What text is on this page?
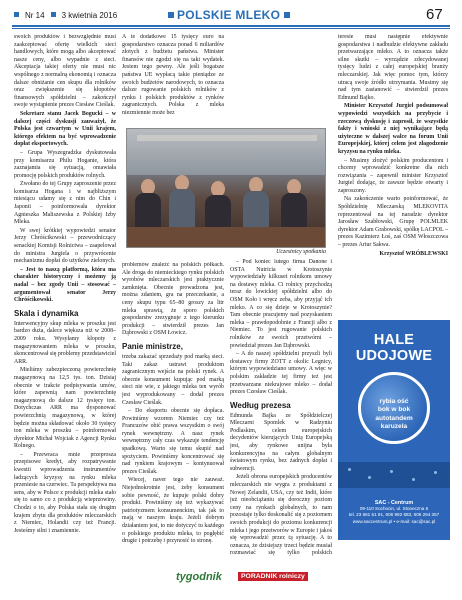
Nr 14 3 kwietnia 2016	POLSKIE MLEKO	67

swoich produktów i bezwzględnie musi zaakceptować ofertę wielkich sieci handlowych, które mogą albo akceptować nasze ceny, albo wypadnie z sieci. Akceptacja takiej oferty nie musi nic wspólnego z normalną ekonomią i oznacza dalsze obniżanie cen skupu dla rolników oraz zwiększenie się kłopotów finansowych spółdzielni – zakończył swoje wystąpienie prezes Ciesław Cieślak.

Sekretarz stanu Jacek Bogucki – w dalszej części dyskusji zauważył, że Polska jest czwartym w Unii krajem, którego efektem na być wprowadzenie dopłat eksportowych.

– Grupa Wyszegradzka dyskutowała przy komisarzu Philu Hoganie, która zaznajamia się sytuacją, omawiała promocję polskich produktów rolnych.

Zwołano do tej Grupy zaproszenie przez komisarza Hogana i w najbliższym miesiącu udamy się z nim do Chin i Japonii – poinformowała dyrektor Agnieszka Maliszewska z Polskiej Izby Mleka.

W swej krótkiej wypowiedzi senator Jerzy Chróścikowski – przewodniczący senackiej Komisji Rolnictwa – zaapelował do ministra Jurgiela o przywrócenie mechanizmu dopłat do użytków zielonych.

– Jest to naszą platformą, która ma charakter historyczny i możemy ją nadal – bez zgody Unii – stosować – argumentował senator Jerzy Chróścikowski.

Skala i dynamika

Interwencyjny skup mleka w proszku jest bardzo duża, dalece większa niż w 2008–2009 roku. Wysyłamy kłopoty z magazynowaniem mleka w proszku, skoncentrował się problemy przedstawiciel ARR.

Mieliśmy zabezpieczoną powierzchnię magazynową na 12,5 tys. ton. Dzisiaj obecnie w trakcie podpisywania umów, które zapewnią nam powierzchnię magazynową do dalsze 12 tysięcy ton. Dotychczas ARR ma dysponować powierzchnią magazynową, w której będzie można składować około 30 tysięcy ton mleka w proszku – poinformował dyrektor Michał Wojciak z Agencji Rynku Rolnego.

– Przewraca mnie przeprosza przepisowe kredyt, aby rozpatrywanie kwestii wprowadzenia instrumentów ładzących kryzysy na rynku mleka przeniesie na czerwiec. Ta perspektywa ma sens, aby w Polsce z produkcji mleka stało się to samo co z produkcją wieprzowiny. Chodzi o to, aby Polska stała się drugim krajem zbytu dla produktów mleczarskich z Niemiec, Holandii czy też Francji. Jesteśmy silni i znamiennie.

A te dodatkowe 15 tysięcy euro na gospodarstwo oznacza ponad 6 miliardów złotych z budżetu państwa. Minister finansów nie zgodzi się na taki wydatek. Jestem tego pewny. Ale jeśli bogatsze państwa UE wypłacą takie pieniądze ze swoich budżetów narodowych, to oznacza dalsze rugowanie polskich rolników z rynku i polskich produktów z rynków zagranicznych. Polska z mleka niezmiennie może bez

problemów znaleźć na polskich półkach. Ale droga do niemieckiego rynku polskich wyrobów mleczarskich jest praktycznie zamknięta. Obecnie prowadzona jest, można zdaniem, gra na przeczekanie, a ceny skupu typu 65–80 groszy za litr mleka sprawią, że sporo polskich gospodarstw zrezygnuje z tego kierunku produkcji – stwierdził prezes Jan Dąbrowski z OSM Łowicz.

Panie ministrze,

trzeba zakazać sprzedaży pod marką sieci. Taki zakaz ustrawi produktom zagranicznym wejście na polski rynek. A obecnie konsument kupując pod marką sieci nie wie, z jakiego mleka ten wyrób jest wyprodukowany – dodał prezes Czesław Cieślak.

– Do eksportu obecnie się dopłaca. Powiniśmy wzorem Niemiec czy też Francuzów obić prawa wszystkim o swój rynek wewnętrzny. A nasz rynek wewnętrzny cały czas wykazuje tendencję spadkową. Warto się temu skupić nad spożyciem. Powiniśmy koncentrować się nad rynkiem krajowym – kontynuował prezes Cieślak.

Wiecej, naver tego nie zauważ. Niejednokrotnie jest, żeby konsument sobie pewność, że kupuje polski dobry produkt. Powiniśmy się też wykazywać patriotyzmem konsumenckim, tak jak to mają w naszym kraju. Jeżeli dobrym działaniem jest, to nie dotyczyć tu każdego o polskiego produktu mleka, to pogłębić drugie i potrzebę i przynosić to stronę.

Uczestnicy spotkania

– Pod koniec lutego firma Danone i OSTA Nutricia w Krotoszynie wypowiedziały kilkuset rolnikom umowy na dostawy mleka. Ci rolnicy przychodzą teraz do lowickiej spółdzielni albo do OSM Koło i wręcz zeba, aby przyjąć ich mleko. A co się dzieje w Krotoszynie? Tam obecnie pracujemy nad pozyskaniem mleka – prawdopodobnie z Francji albo z Niemiec. To jest rugowanie polskich rolników ze swoich przetwórni – powiedział prezes Jan Dąbrowski.

– A do naszej spółdzielni przyszli byli dostawcy firmy ZOTT z okolic Legnicy, którym wypowiedziano umowy. A więc w polskim zakładzie tej firmy też jest przetwarzane niekrajowe mleko – dodał prezes Czesław Cieślak.

Według prezesa

Edmunda Bajka ze Spółdzielczej Mleczarni Spomlek w Radzyniu Podlaskim, celem europejskich decydentów kierujących Unią Europejską jest, aby rynkowe unijna była konkurencyjna na całym globalnym światowym rynku, bez żadnych dopłat i subwencji.

Jeżeli obrona europejskich producentów mleczarskich nie wygra z produktami z Nowej Zelandii, USA, czy też Indii, które już nieobciążaniu się doroczny poziom ceny na rynkach globalnych, to nam pozostaje tylko doskonalić się z poziomem swoich produkcji do poziomu konkurencji mleka i jego przetworów w Europie i jakoś się wprowadzić przez tą sytuację. A to oznacza, że dzisiejszy trzeci będzie musiał rozmawiać się tylko polskich

teresie musi następnie efektywnie gospodarstwa i nadbudzie efektywne zakładu przetwarzające mleko. A to oznacza także silne skutki – wyrządzie zdecydowanej tysięcy ludzi z całej europejskiej branży mleczarskiej. Jak więc pomoc tym, którzy utracą swoje źródło utrzymania. Musimy się nad tym zastanowić – stwierdził prezes Edmund Bajko.

Minister Krzysztof Jurgiel podsumował wypowiedzi wszystkich na przybycie i rzeczową dyskusję i zaprosił, że wszystkie fakty i wnioski z niej wynikające będą użyteczne w dalszej walce na forum Unii Europejskiej, której celem jest złagodzenie kryzysu na rynku mleka.

– Musimy złożyć polskim producentom i chcemy wprowadzić konkretne dla nich rozwiązania – zapewnił minister Krzysztof Jurgiel dodając, że zawsze będzie otwarty i zaproszony.

Na zakończenie warto poinformować, że Spółdzielnię Mleczarską MLEKOVITA reprezentował na tej naradzie dyrektor Jarosław Szabłowski, Grupę POLMLEK dyrektor Adam Grabowski, spółkę LACPOL – prezes Kazimierz Łoś, zaś OSM Włoszczowa – prezes Artur Sakwa.

Krzysztof WRÓBLEWSKI

HALE UDOJOWE
rybia ość
bok w bok
autotandem
karuzela
SAC - Centrum
09-110 Sochocin, ul. Stoneczna 6
tel. 23 661 51 91, 606 992 683, 606 294 357
www.saccentrum.pl • e-mail: sac@sac.pl
tygodnik	PORADNIK rolniczy
